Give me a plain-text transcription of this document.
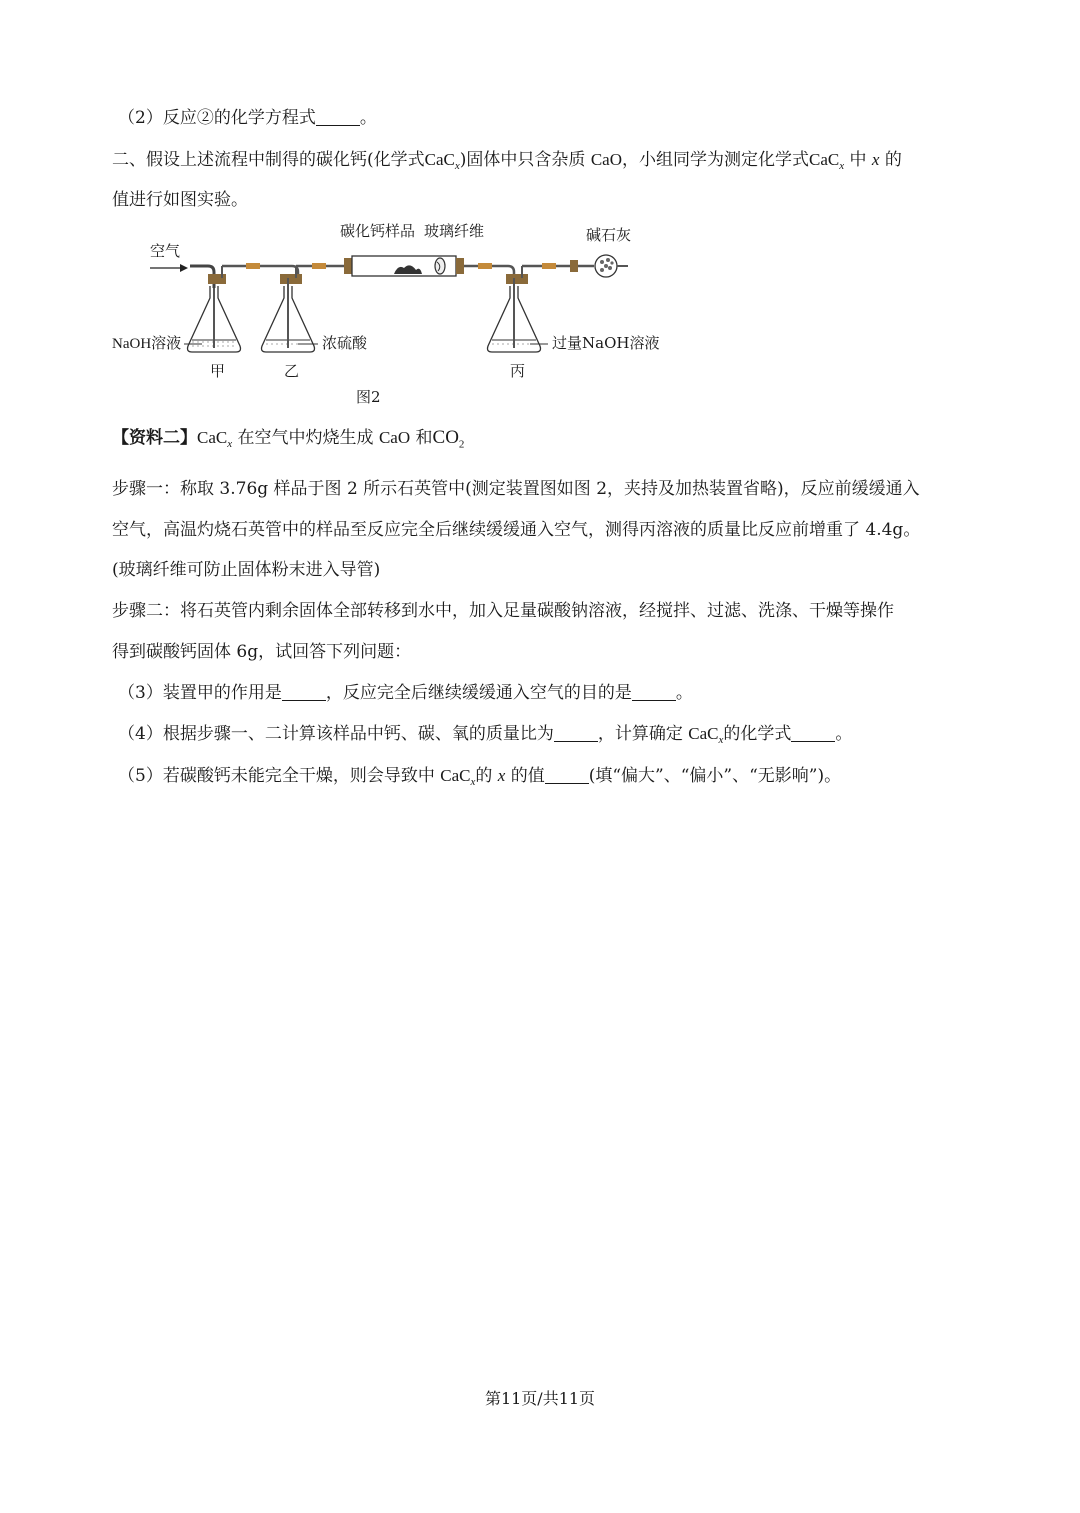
（2）反应②的化学方程式	。
二、假设上述流程中制得的碳化钙(化学式CaC$_x$)固体中只含杂质 CaO，小组同学为测定化学式CaC$_x$ 中 x 的
值进行如图实验。
空气
碳化钙样品 玻璃纤维	碱石灰
NaOH溶液	浓硫酸	过量NaOH溶液
甲	乙	丙
图2
【资料二】CaC$_x$ 在空气中灼烧生成 CaO 和$CO_2$
步骤一：称取 3.76g 样品于图 2 所示石英管中(测定装置图如图 2，夹持及加热装置省略)，反应前缓缓通入
空气，高温灼烧石英管中的样品至反应完全后继续缓缓通入空气，测得丙溶液的质量比反应前增重了 4.4g。
(玻璃纤维可防止固体粉末进入导管)
步骤二：将石英管内剩余固体全部转移到水中，加入足量碳酸钠溶液，经搅拌、过滤、洗涤、干燥等操作
得到碳酸钙固体 6g，试回答下列问题：
（3）装置甲的作用是	，反应完全后继续缓缓通入空气的目的是	。
（4）根据步骤一、二计算该样品中钙、碳、氧的质量比为	，计算确定 CaC$_x$的化学式	。
（5）若碳酸钙未能完全干燥，则会导致中 CaC$_x$的 x 的值	(填“偏大”、“偏小”、“无影响”)。
第11页/共11页
